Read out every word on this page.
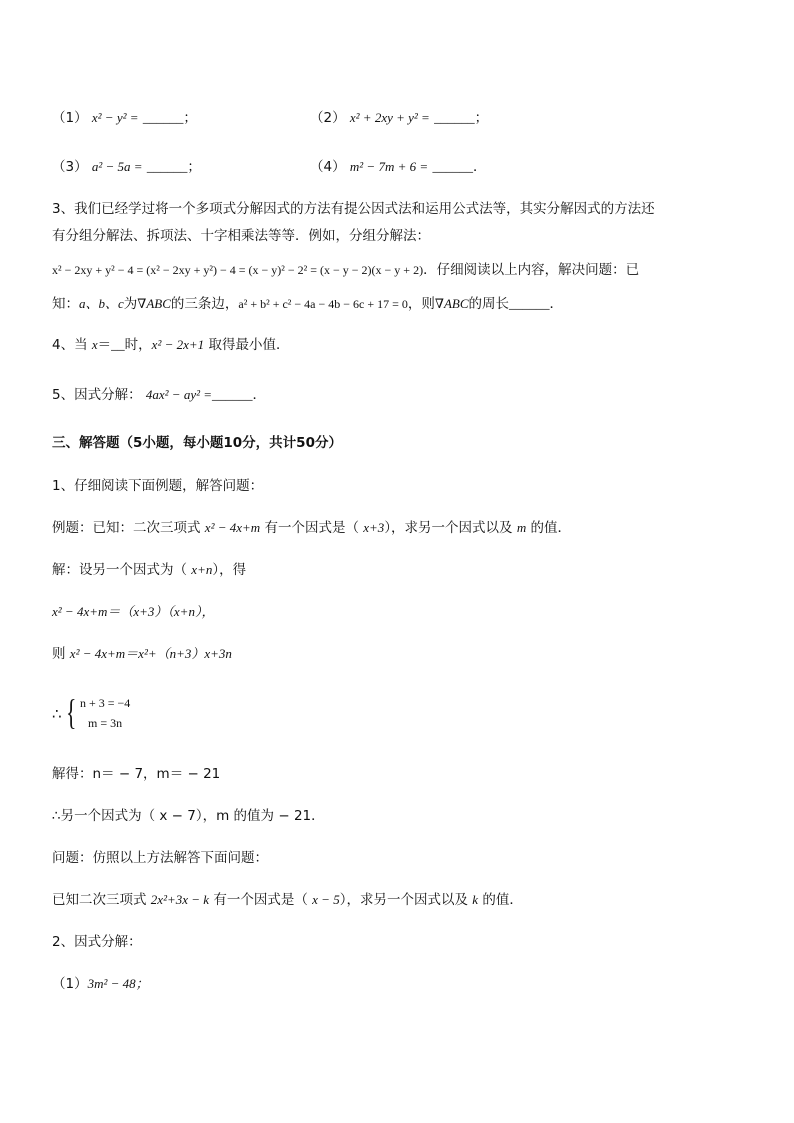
（1） x² − y² = ______；	（2） x² + 2xy + y² = ______；
（3） a² − 5a = ______；	（4） m² − 7m + 6 = ______．
3、我们已经学过将一个多项式分解因式的方法有提公因式法和运用公式法等，其实分解因式的方法还
有分组分解法、拆项法、十字相乘法等等．例如，分组分解法：
x² − 2xy + y² − 4 = (x² − 2xy + y²) − 4 = (x − y)² − 2² = (x − y − 2)(x − y + 2)．仔细阅读以上内容，解决问题：已
知：a、b、c为∇ABC的三条边，a² + b² + c² − 4a − 4b − 6c + 17 = 0，则∇ABC的周长______．
4、当 x＝__时，x² − 2x+1 取得最小值．
5、因式分解： 4ax² − ay² =______．
三、解答题（5小题，每小题10分，共计50分）
1、仔细阅读下面例题，解答问题：
例题：已知：二次三项式 x² − 4x+m 有一个因式是（ x+3），求另一个因式以及 m 的值．
解：设另一个因式为（ x+n），得
x² − 4x+m＝（x+3）（x+n），
则 x² − 4x+m＝x²+（n+3）x+3n
∴ { n + 3 = −4
m = 3n
解得：n＝ − 7，m＝ − 21
∴另一个因式为（ x − 7），m 的值为 − 21．
问题：仿照以上方法解答下面问题：
已知二次三项式 2x²+3x − k 有一个因式是（ x − 5），求另一个因式以及 k 的值．
2、因式分解：
（1）3m² − 48；
